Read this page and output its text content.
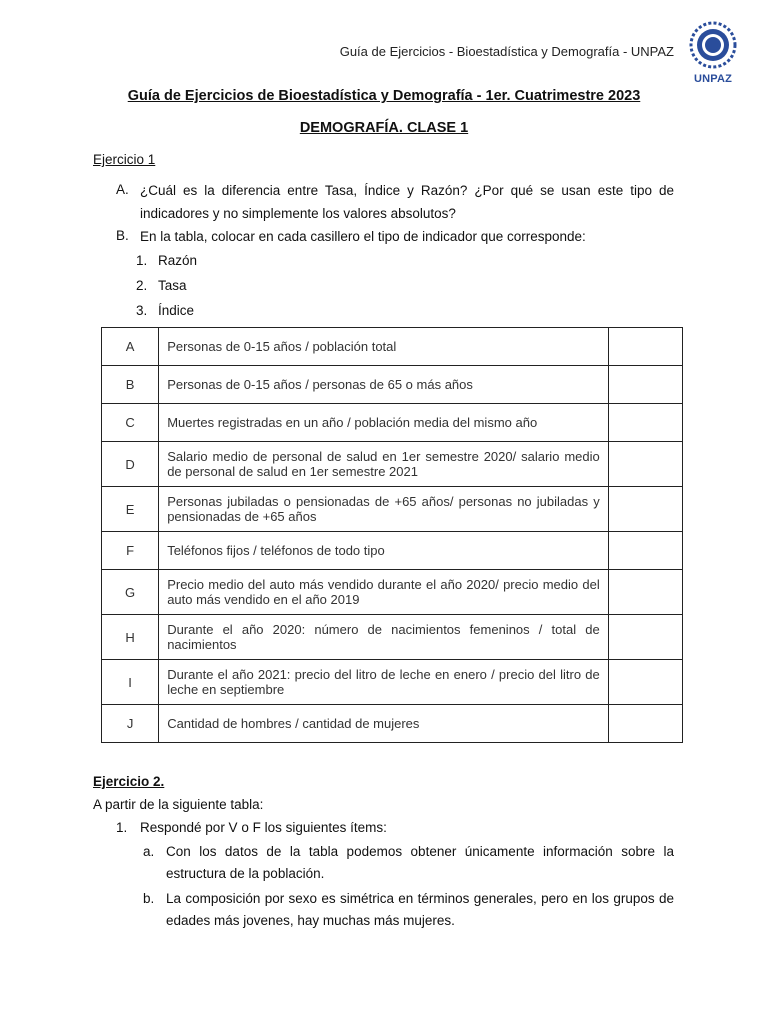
Guía de Ejercicios - Bioestadística y Demografía - UNPAZ
UNPAZ
Guía de Ejercicios de Bioestadística y Demografía - 1er. Cuatrimestre 2023
DEMOGRAFÍA. CLASE 1
Ejercicio 1
A. ¿Cuál es la diferencia entre Tasa, Índice y Razón? ¿Por qué se usan este tipo de indicadores y no simplemente los valores absolutos?
B. En la tabla, colocar en cada casillero el tipo de indicador que corresponde:
1. Razón
2. Tasa
3. Índice
A	Personas de 0-15 años / población total	
B	Personas de 0-15 años / personas de 65 o más años	
C	Muertes registradas en un año / población media del mismo año	
D	Salario medio de personal de salud en 1er semestre 2020/ salario medio de personal de salud en 1er semestre 2021	
E	Personas jubiladas o pensionadas de +65 años/ personas no jubiladas y pensionadas de +65 años	
F	Teléfonos fijos / teléfonos de todo tipo	
G	Precio medio del auto más vendido durante el año 2020/ precio medio del auto más vendido en el año 2019	
H	Durante el año 2020: número de nacimientos femeninos / total de nacimientos	
I	Durante el año 2021: precio del litro de leche en enero / precio del litro de leche en septiembre	
J	Cantidad de hombres / cantidad de mujeres	
Ejercicio 2.
A partir de la siguiente tabla:
1. Respondé por V o F los siguientes ítems:
a. Con los datos de la tabla podemos obtener únicamente información sobre la estructura de la población.
b. La composición por sexo es simétrica en términos generales, pero en los grupos de edades más jovenes, hay muchas más mujeres.
